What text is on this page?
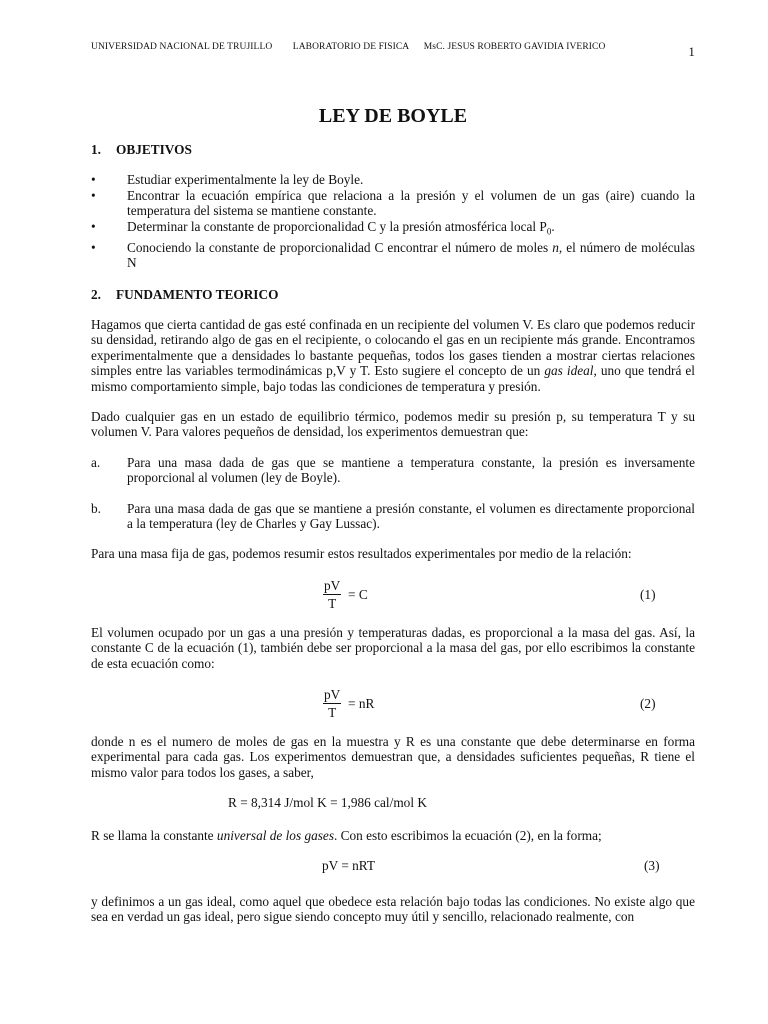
UNIVERSIDAD NACIONAL DE TRUJILLO LABORATORIO DE FISICA MsC. JESUS ROBERTO GAVIDIA IVERICO	1
LEY DE BOYLE
1. OBJETIVOS
• Estudiar experimentalmente la ley de Boyle.
• Encontrar la ecuación empírica que relaciona a la presión y el volumen de un gas (aire) cuando la temperatura del sistema se mantiene constante.
• Determinar la constante de proporcionalidad C y la presión atmosférica local $P_0$.
• Conociendo la constante de proporcionalidad C encontrar el número de moles n, el número de moléculas N
2. FUNDAMENTO TEORICO

Hagamos que cierta cantidad de gas esté confinada en un recipiente del volumen V. Es claro que podemos reducir su densidad, retirando algo de gas en el recipiente, o colocando el gas en un recipiente más grande. Encontramos experimentalmente que a densidades lo bastante pequeñas, todos los gases tienden a mostrar ciertas relaciones simples entre las variables termodinámicas p,V y T. Esto sugiere el concepto de un gas ideal, uno que tendrá el mismo comportamiento simple, bajo todas las condiciones de temperatura y presión.

Dado cualquier gas en un estado de equilibrio térmico, podemos medir su presión p, su temperatura T y su volumen V. Para valores pequeños de densidad, los experimentos demuestran que:

a. Para una masa dada de gas que se mantiene a temperatura constante, la presión es inversamente proporcional al volumen (ley de Boyle).
b. Para una masa dada de gas que se mantiene a presión constante, el volumen es directamente proporcional a la temperatura (ley de Charles y Gay Lussac).

Para una masa fija de gas, podemos resumir estos resultados experimentales por medio de la relación:

$\frac{pV}{T} = C$	(1)

El volumen ocupado por un gas a una presión y temperaturas dadas, es proporcional a la masa del gas. Así, la constante C de la ecuación (1), también debe ser proporcional a la masa del gas, por ello escribimos la constante de esta ecuación como:

$\frac{pV}{T}$ = nR	(2)

donde n es el numero de moles de gas en la muestra y R es una constante que debe determinarse en forma experimental para cada gas. Los experimentos demuestran que, a densidades suficientes pequeñas, R tiene el mismo valor para todos los gases, a saber,

R = 8,314 J/mol K = 1,986 cal/mol K

R se llama la constante universal de los gases. Con esto escribimos la ecuación (2), en la forma;

pV = nRT	(3)

y definimos a un gas ideal, como aquel que obedece esta relación bajo todas las condiciones. No existe algo que sea en verdad un gas ideal, pero sigue siendo concepto muy útil y sencillo, relacionado realmente, con
